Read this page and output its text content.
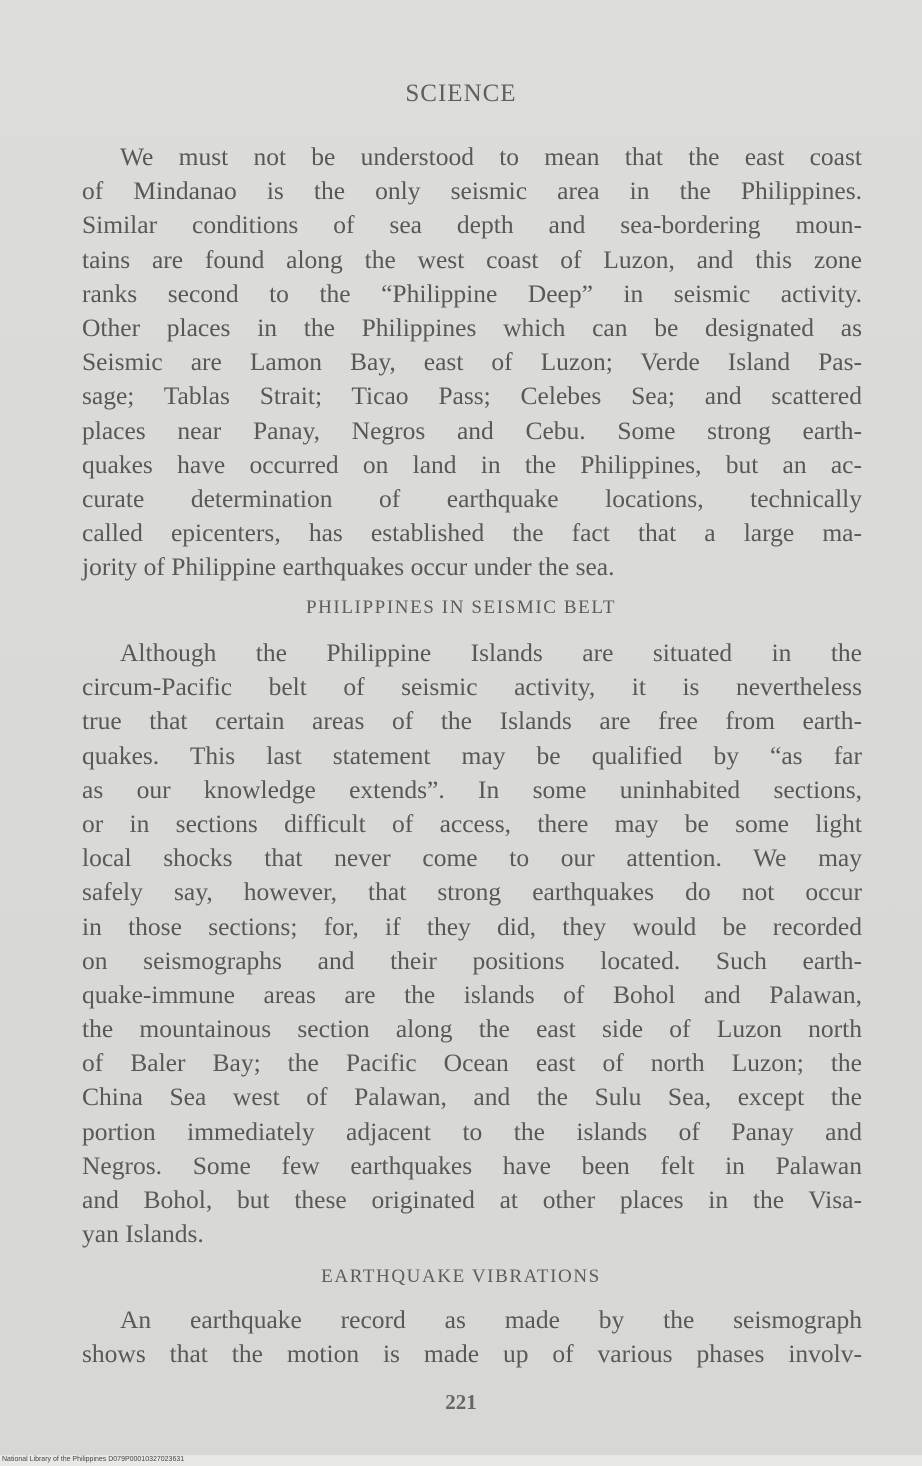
SCIENCE
We must not be understood to mean that the east coast
of Mindanao is the only seismic area in the Philippines.
Similar conditions of sea depth and sea-bordering moun-
tains are found along the west coast of Luzon, and this zone
ranks second to the “Philippine Deep” in seismic activity.
Other places in the Philippines which can be designated as
Seismic are Lamon Bay, east of Luzon; Verde Island Pas-
sage; Tablas Strait; Ticao Pass; Celebes Sea; and scattered
places near Panay, Negros and Cebu. Some strong earth-
quakes have occurred on land in the Philippines, but an ac-
curate determination of earthquake locations, technically
called epicenters, has established the fact that a large ma-
jority of Philippine earthquakes occur under the sea.
PHILIPPINES IN SEISMIC BELT
Although the Philippine Islands are situated in the
circum-Pacific belt of seismic activity, it is nevertheless
true that certain areas of the Islands are free from earth-
quakes. This last statement may be qualified by “as far
as our knowledge extends”. In some uninhabited sections,
or in sections difficult of access, there may be some light
local shocks that never come to our attention. We may
safely say, however, that strong earthquakes do not occur
in those sections; for, if they did, they would be recorded
on seismographs and their positions located. Such earth-
quake-immune areas are the islands of Bohol and Palawan,
the mountainous section along the east side of Luzon north
of Baler Bay; the Pacific Ocean east of north Luzon; the
China Sea west of Palawan, and the Sulu Sea, except the
portion immediately adjacent to the islands of Panay and
Negros. Some few earthquakes have been felt in Palawan
and Bohol, but these originated at other places in the Visa-
yan Islands.
EARTHQUAKE VIBRATIONS
An earthquake record as made by the seismograph
shows that the motion is made up of various phases involv-
221
National Library of the Philippines D079P00010327023631
